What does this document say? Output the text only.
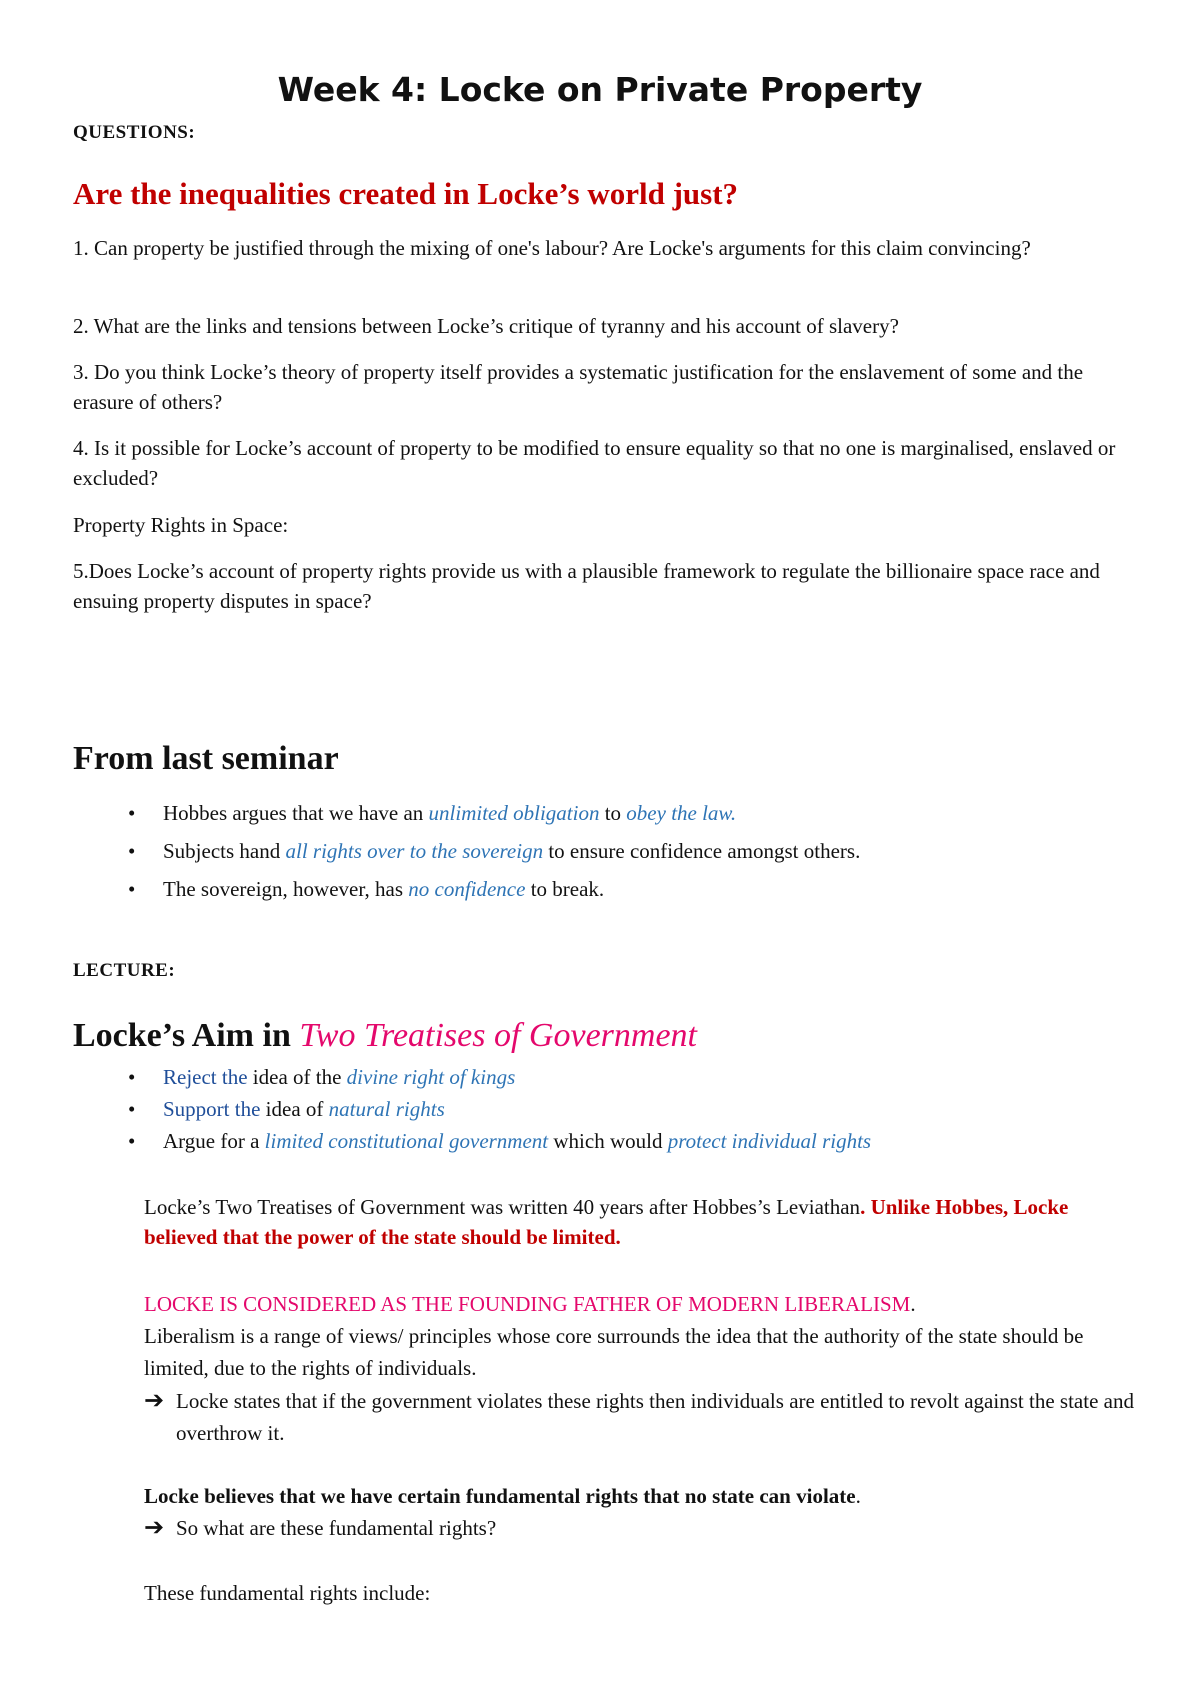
Week 4: Locke on Private Property
QUESTIONS:
Are the inequalities created in Locke’s world just?

1. Can property be justified through the mixing of one's labour? Are Locke's arguments for this claim convincing?

2. What are the links and tensions between Locke’s critique of tyranny and his account of slavery?

3. Do you think Locke’s theory of property itself provides a systematic justification for the enslavement of some and the erasure of others?

4. Is it possible for Locke’s account of property to be modified to ensure equality so that no one is marginalised, enslaved or excluded?

Property Rights in Space:

5.Does Locke’s account of property rights provide us with a plausible framework to regulate the billionaire space race and ensuing property disputes in space?

From last seminar
• Hobbes argues that we have an unlimited obligation to obey the law.
• Subjects hand all rights over to the sovereign to ensure confidence amongst others.
• The sovereign, however, has no confidence to break.
LECTURE:
Locke’s Aim in Two Treatises of Government
• Reject the idea of the divine right of kings
• Support the idea of natural rights
• Argue for a limited constitutional government which would protect individual rights

Locke’s Two Treatises of Government was written 40 years after Hobbes’s Leviathan. Unlike Hobbes, Locke believed that the power of the state should be limited.

LOCKE IS CONSIDERED AS THE FOUNDING FATHER OF MODERN LIBERALISM.
Liberalism is a range of views/ principles whose core surrounds the idea that the authority of the state should be limited, due to the rights of individuals.

➔ Locke states that if the government violates these rights then individuals are entitled to revolt against the state and overthrow it.

Locke believes that we have certain fundamental rights that no state can violate.

➔ So what are these fundamental rights?

These fundamental rights include:
